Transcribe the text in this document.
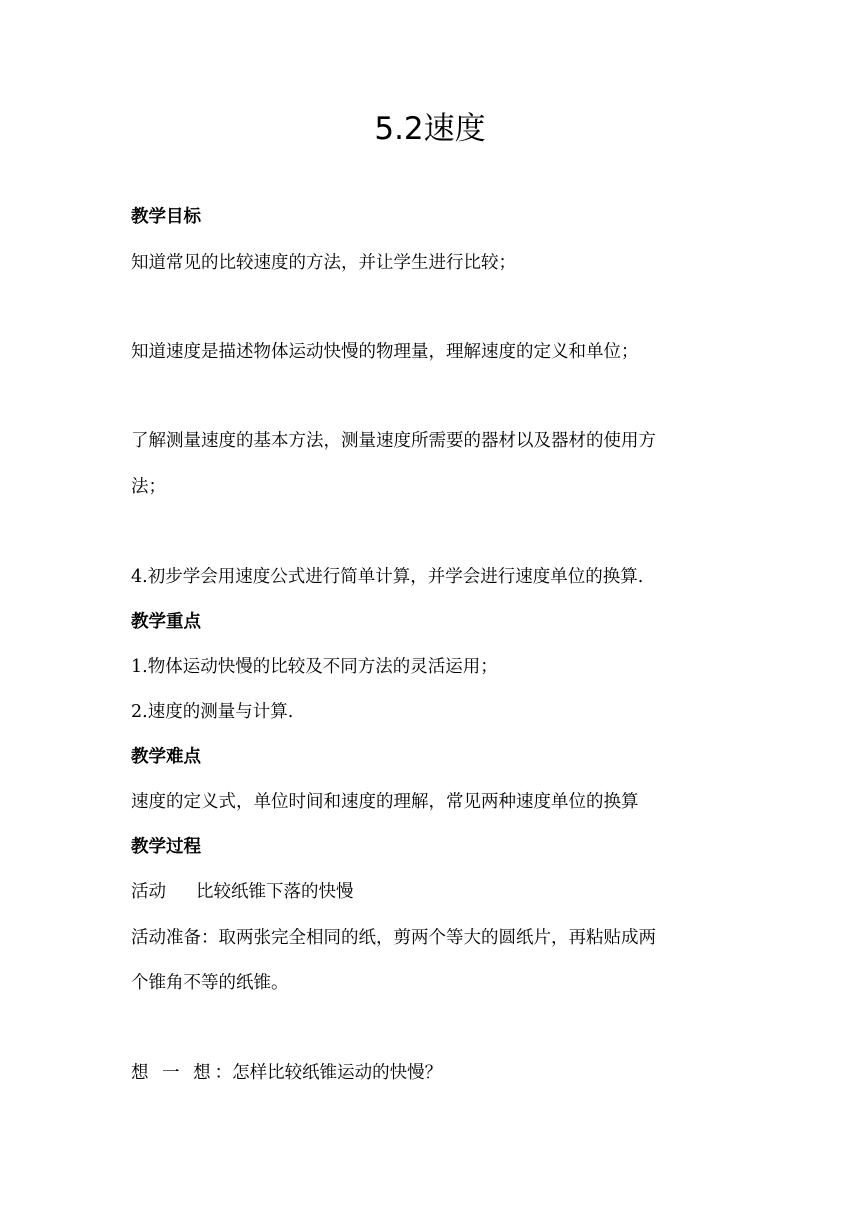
5.2速度
教学目标
知道常见的比较速度的方法，并让学生进行比较；
知道速度是描述物体运动快慢的物理量，理解速度的定义和单位；
了解测量速度的基本方法，测量速度所需要的器材以及器材的使用方
法；
4.初步学会用速度公式进行简单计算，并学会进行速度单位的换算.
教学重点
1.物体运动快慢的比较及不同方法的灵活运用；
2.速度的测量与计算.
教学难点
速度的定义式，单位时间和速度的理解，常见两种速度单位的换算
教学过程
活动 比较纸锥下落的快慢
活动准备：取两张完全相同的纸，剪两个等大的圆纸片，再粘贴成两
个锥角不等的纸锥。
想 一 想：怎样比较纸锥运动的快慢？
